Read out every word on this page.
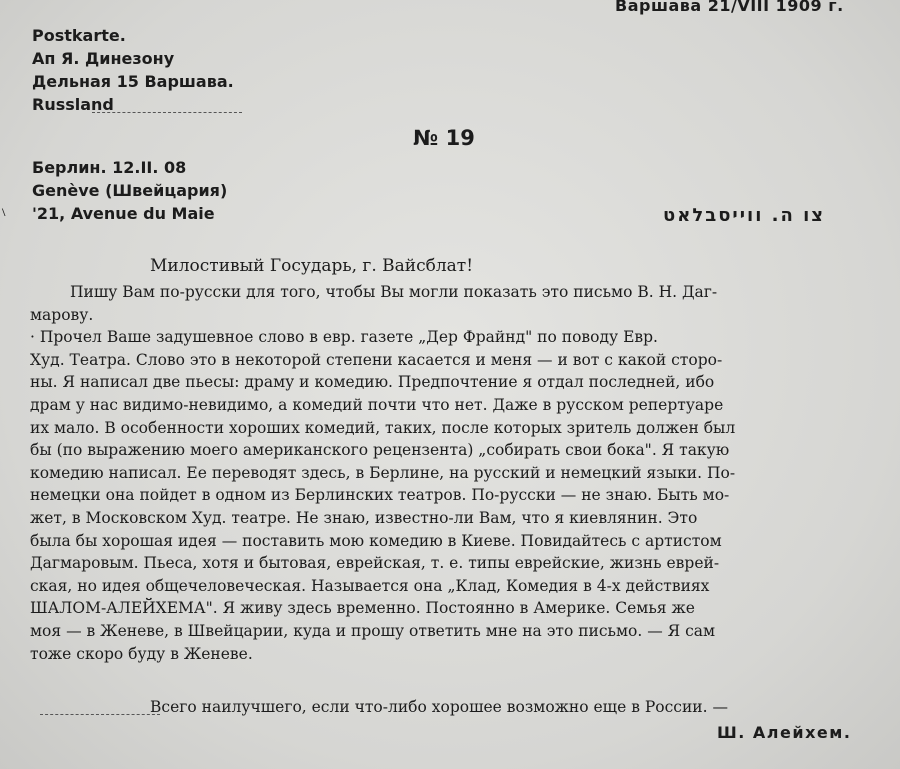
Варшава 21/VIII 1909 г.
Postkarte.
Ап Я. Динезону
Дельная 15 Варшава.
Russland
№ 19
Берлин. 12.II. 08
Genève (Швейцария)
'21, Avenue du Maie
\	צו ה. ווייסבלאט
Милостивый Государь, г. Вайсблат!
Пишу Вам по-русски для того, чтобы Вы могли показать это письмо В. Н. Даг-
марову.
· Прочел Ваше задушевное слово в евр. газете „Дер Фрайнд" по поводу Евр.
Худ. Театра. Слово это в некоторой степени касается и меня — и вот с какой сторо-
ны. Я написал две пьесы: драму и комедию. Предпочтение я отдал последней, ибо
драм у нас видимо-невидимо, а комедий почти что нет. Даже в русском репертуаре
их мало. В особенности хороших комедий, таких, после которых зритель должен был
бы (по выражению моего американского рецензента) „собирать свои бока". Я такую
комедию написал. Ее переводят здесь, в Берлине, на русский и немецкий языки. По-
немецки она пойдет в одном из Берлинских театров. По-русски — не знаю. Быть мо-
жет, в Московском Худ. театре. Не знаю, известно-ли Вам, что я киевлянин. Это
была бы хорошая идея — поставить мою комедию в Киеве. Повидайтесь с артистом
Дагмаровым. Пьеса, хотя и бытовая, еврейская, т. е. типы еврейские, жизнь еврей-
ская, но идея общечеловеческая. Называется она „Клад, Комедия в 4-х действиях
ШАЛОМ-АЛЕЙХЕМА". Я живу здесь временно. Постоянно в Америке. Семья же
моя — в Женеве, в Швейцарии, куда и прошу ответить мне на это письмо. — Я сам
тоже скоро буду в Женеве.
Всего наилучшего, если что-либо хорошее возможно еще в России. —
Ш. Алейхем.
